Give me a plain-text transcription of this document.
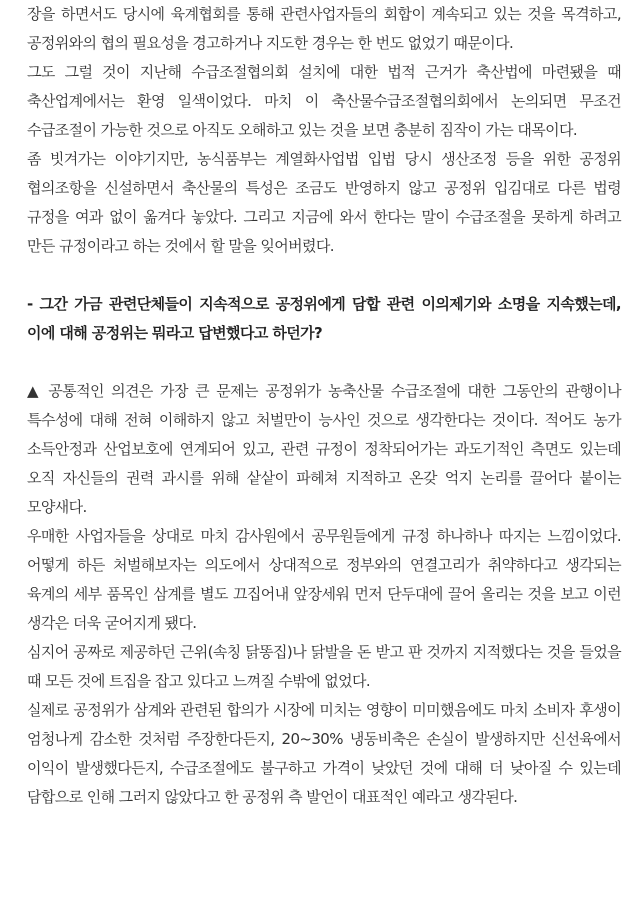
장을 하면서도 당시에 육계협회를 통해 관련사업자들의 회합이 계속되고 있는 것을 목격하고, 공정위와의 협의 필요성을 경고하거나 지도한 경우는 한 번도 없었기 때문이다.

그도 그럴 것이 지난해 수급조절협의회 설치에 대한 법적 근거가 축산법에 마련됐을 때 축산업계에서는 환영 일색이었다. 마치 이 축산물수급조절협의회에서 논의되면 무조건 수급조절이 가능한 것으로 아직도 오해하고 있는 것을 보면 충분히 짐작이 가는 대목이다.

좀 빗겨가는 이야기지만, 농식품부는 계열화사업법 입법 당시 생산조정 등을 위한 공정위 협의조항을 신설하면서 축산물의 특성은 조금도 반영하지 않고 공정위 입김대로 다른 법령 규정을 여과 없이 옮겨다 놓았다. 그리고 지금에 와서 한다는 말이 수급조절을 못하게 하려고 만든 규정이라고 하는 것에서 할 말을 잊어버렸다.

- 그간 가금 관련단체들이 지속적으로 공정위에게 담합 관련 이의제기와 소명을 지속했는데, 이에 대해 공정위는 뭐라고 답변했다고 하던가?

▲ 공통적인 의견은 가장 큰 문제는 공정위가 농축산물 수급조절에 대한 그동안의 관행이나 특수성에 대해 전혀 이해하지 않고 처벌만이 능사인 것으로 생각한다는 것이다. 적어도 농가 소득안정과 산업보호에 연계되어 있고, 관련 규정이 정착되어가는 과도기적인 측면도 있는데 오직 자신들의 권력 과시를 위해 샅샅이 파헤쳐 지적하고 온갖 억지 논리를 끌어다 붙이는 모양새다.

우매한 사업자들을 상대로 마치 감사원에서 공무원들에게 규정 하나하나 따지는 느낌이었다. 어떻게 하든 처벌해보자는 의도에서 상대적으로 정부와의 연결고리가 취약하다고 생각되는 육계의 세부 품목인 삼계를 별도 끄집어내 앞장세워 먼저 단두대에 끌어 올리는 것을 보고 이런 생각은 더욱 굳어지게 됐다.

심지어 공짜로 제공하던 근위(속칭 닭똥집)나 닭발을 돈 받고 판 것까지 지적했다는 것을 들었을 때 모든 것에 트집을 잡고 있다고 느껴질 수밖에 없었다.

실제로 공정위가 삼계와 관련된 합의가 시장에 미치는 영향이 미미했음에도 마치 소비자 후생이 엄청나게 감소한 것처럼 주장한다든지, 20~30% 냉동비축은 손실이 발생하지만 신선육에서 이익이 발생했다든지, 수급조절에도 불구하고 가격이 낮았던 것에 대해 더 낮아질 수 있는데 담합으로 인해 그러지 않았다고 한 공정위 측 발언이 대표적인 예라고 생각된다.
